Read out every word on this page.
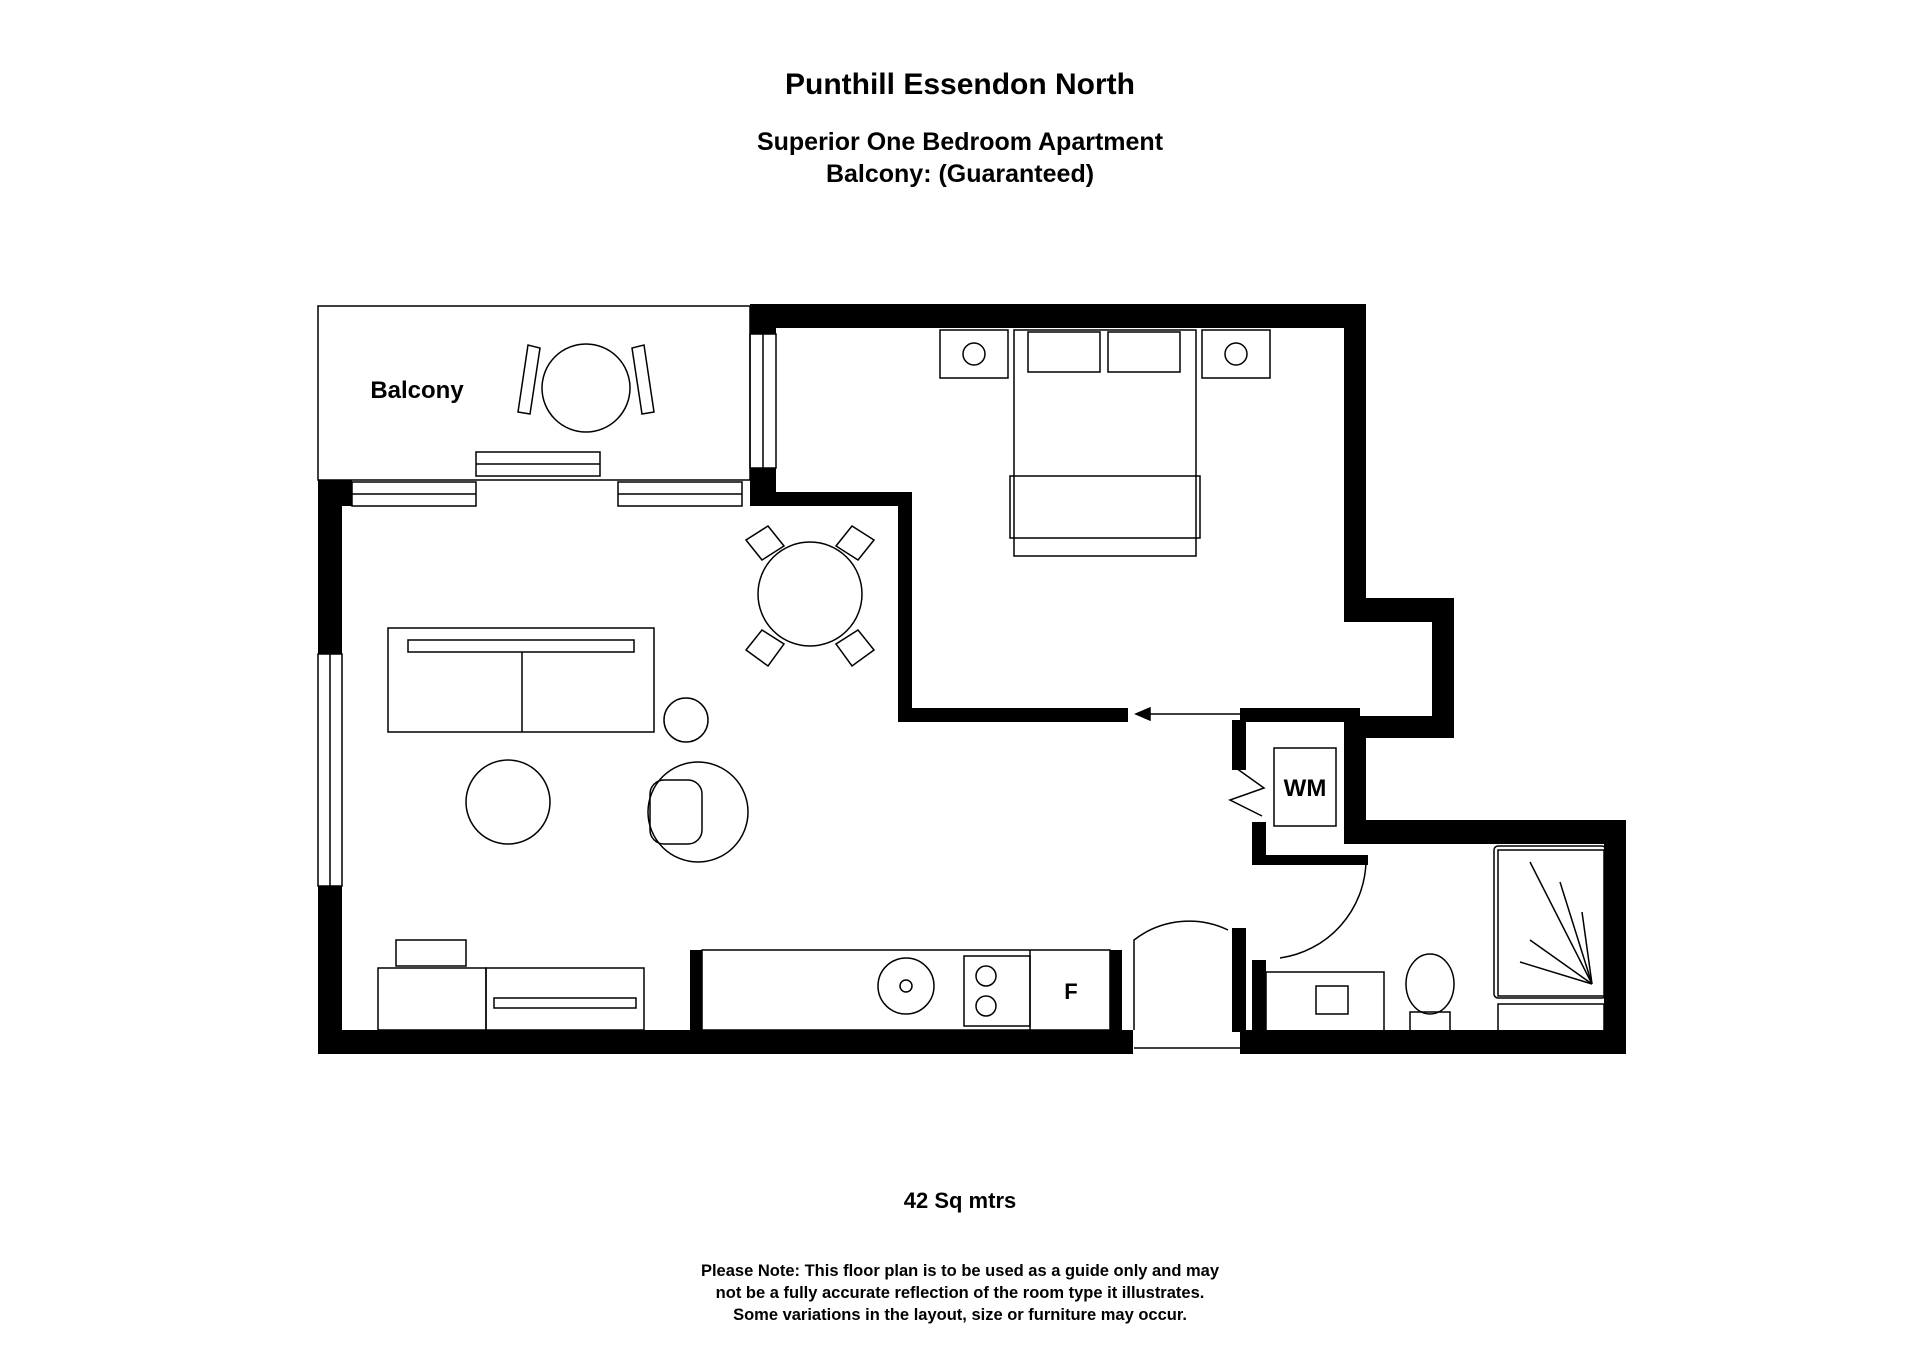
Punthill Essendon North
Superior One Bedroom Apartment
Balcony: (Guaranteed)
Balcony
WM
F
42 Sq mtrs
Please Note: This floor plan is to be used as a guide only and may
not be a fully accurate reflection of the room type it illustrates.
Some variations in the layout, size or furniture may occur.
